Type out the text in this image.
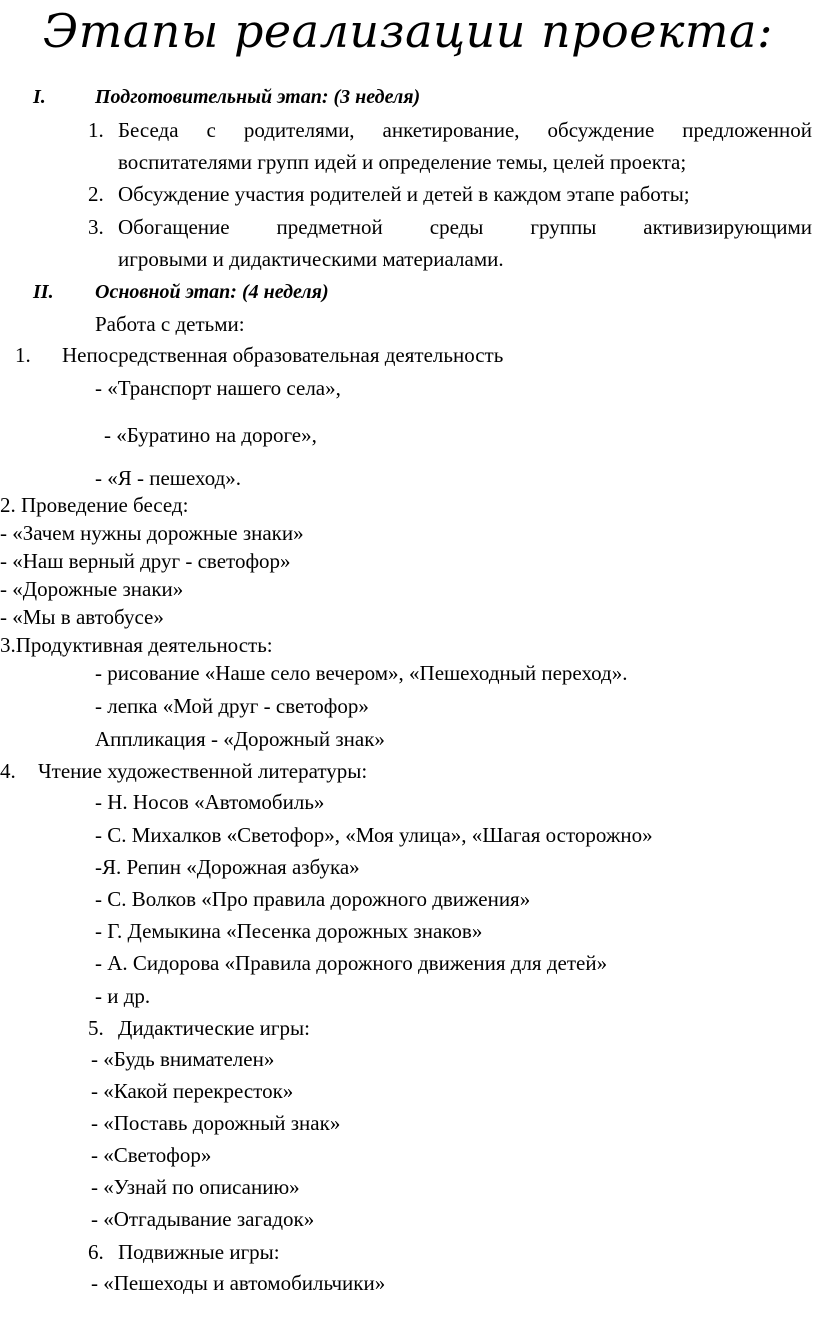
Этапы реализации проекта:
I. Подготовительный этап: (3 неделя)
1. Беседа с родителями, анкетирование, обсуждение предложенной
воспитателями групп идей и определение темы, целей проекта;
2. Обсуждение участия родителей и детей в каждом этапе работы;
3. Обогащение предметной среды группы активизирующими
игровыми и дидактическими материалами.
II. Основной этап: (4 неделя)
Работа с детьми:
1. Непосредственная образовательная деятельность
- «Транспорт нашего села»,
- «Буратино на дороге»,
- «Я - пешеход».
2. Проведение бесед:
- «Зачем нужны дорожные знаки»
- «Наш верный друг - светофор»
- «Дорожные знаки»
- «Мы в автобусе»
3.Продуктивная деятельность:
- рисование «Наше село вечером», «Пешеходный переход».
- лепка «Мой друг - светофор»
Аппликация - «Дорожный знак»
4. Чтение художественной литературы:
- Н. Носов «Автомобиль»
- С. Михалков «Светофор», «Моя улица», «Шагая осторожно»
-Я. Репин «Дорожная азбука»
- С. Волков «Про правила дорожного движения»
- Г. Демыкина «Песенка дорожных знаков»
- А. Сидорова «Правила дорожного движения для детей»
- и др.
5. Дидактические игры:
- «Будь внимателен»
- «Какой перекресток»
- «Поставь дорожный знак»
- «Светофор»
- «Узнай по описанию»
- «Отгадывание загадок»
6. Подвижные игры:
- «Пешеходы и автомобильчики»
